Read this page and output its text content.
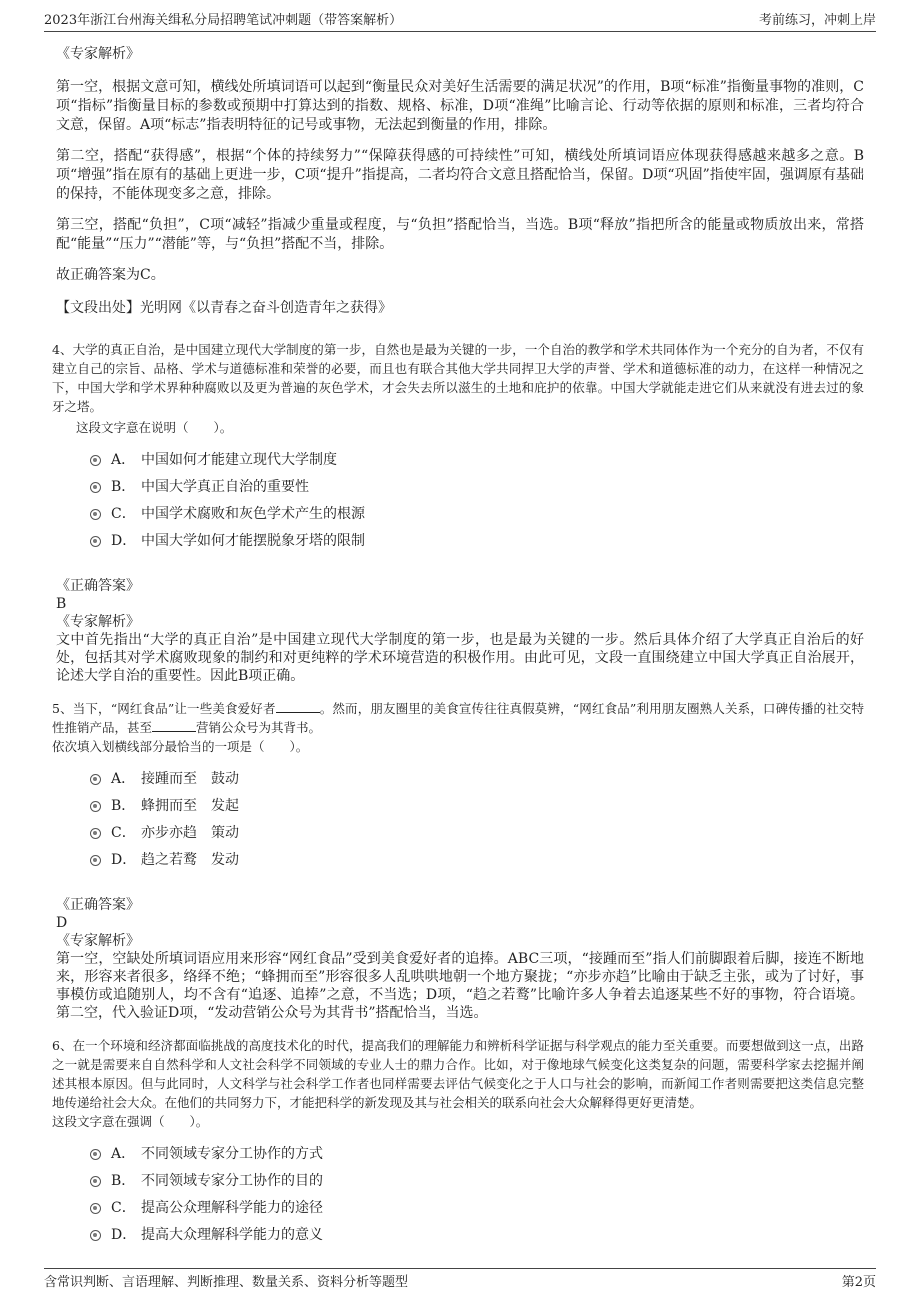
2023年浙江台州海关缉私分局招聘笔试冲刺题（带答案解析）	考前练习，冲刺上岸
《专家解析》
第一空，根据文意可知，横线处所填词语可以起到“衡量民众对美好生活需要的满足状况”的作用，B项“标准”指衡量事物的准则，C项“指标”指衡量目标的参数或预期中打算达到的指数、规格、标准，D项“准绳”比喻言论、行动等依据的原则和标准，三者均符合文意，保留。A项“标志”指表明特征的记号或事物，无法起到衡量的作用，排除。
第二空，搭配“获得感”，根据“个体的持续努力”“保障获得感的可持续性”可知，横线处所填词语应体现获得感越来越多之意。B项“增强”指在原有的基础上更进一步，C项“提升”指提高，二者均符合文意且搭配恰当，保留。D项“巩固”指使牢固，强调原有基础的保持，不能体现变多之意，排除。
第三空，搭配“负担”，C项“减轻”指减少重量或程度，与“负担”搭配恰当，当选。B项“释放”指把所含的能量或物质放出来，常搭配“能量”“压力”“潜能”等，与“负担”搭配不当，排除。
故正确答案为C。
【文段出处】光明网《以青春之奋斗创造青年之获得》
4、大学的真正自治，是中国建立现代大学制度的第一步，自然也是最为关键的一步，一个自治的教学和学术共同体作为一个充分的自为者，不仅有建立自己的宗旨、品格、学术与道德标准和荣誉的必要，而且也有联合其他大学共同捍卫大学的声誉、学术和道德标准的动力，在这样一种情况之下，中国大学和学术界种种腐败以及更为普遍的灰色学术，才会失去所以滋生的土地和庇护的依靠。中国大学就能走进它们从来就没有进去过的象牙之塔。
这段文字意在说明（　　）。
A． 中国如何才能建立现代大学制度
B． 中国大学真正自治的重要性
C． 中国学术腐败和灰色学术产生的根源
D． 中国大学如何才能摆脱象牙塔的限制
《正确答案》
B
《专家解析》
文中首先指出“大学的真正自治”是中国建立现代大学制度的第一步，也是最为关键的一步。然后具体介绍了大学真正自治后的好处，包括其对学术腐败现象的制约和对更纯粹的学术环境营造的积极作用。由此可见，文段一直围绕建立中国大学真正自治展开，论述大学自治的重要性。因此B项正确。
5、当下，“网红食品”让一些美食爱好者	。然而，朋友圈里的美食宣传往往真假莫辨，“网红食品”利用朋友圈熟人关系，口碑传播的社交特性推销产品，甚至	营销公众号为其背书。
依次填入划横线部分最恰当的一项是（　　）。
A． 接踵而至　鼓动
B． 蜂拥而至　发起
C． 亦步亦趋　策动
D． 趋之若鹜　发动
《正确答案》
D
《专家解析》
第一空，空缺处所填词语应用来形容“网红食品”受到美食爱好者的追捧。ABC三项，“接踵而至”指人们前脚跟着后脚，接连不断地来，形容来者很多，络绎不绝；“蜂拥而至”形容很多人乱哄哄地朝一个地方聚拢；“亦步亦趋”比喻由于缺乏主张，或为了讨好，事事模仿或追随别人，均不含有“追逐、追捧”之意，不当选；D项，“趋之若鹜”比喻许多人争着去追逐某些不好的事物，符合语境。第二空，代入验证D项，“发动营销公众号为其背书”搭配恰当，当选。
6、在一个环境和经济都面临挑战的高度技术化的时代，提高我们的理解能力和辨析科学证据与科学观点的能力至关重要。而要想做到这一点，出路之一就是需要来自自然科学和人文社会科学不同领域的专业人士的鼎力合作。比如，对于像地球气候变化这类复杂的问题，需要科学家去挖掘并阐述其根本原因。但与此同时，人文科学与社会科学工作者也同样需要去评估气候变化之于人口与社会的影响，而新闻工作者则需要把这类信息完整地传递给社会大众。在他们的共同努力下，才能把科学的新发现及其与社会相关的联系向社会大众解释得更好更清楚。
这段文字意在强调（　　）。
A． 不同领域专家分工协作的方式
B． 不同领域专家分工协作的目的
C． 提高公众理解科学能力的途径
D． 提高大众理解科学能力的意义
含常识判断、言语理解、判断推理、数量关系、资料分析等题型	第2页
